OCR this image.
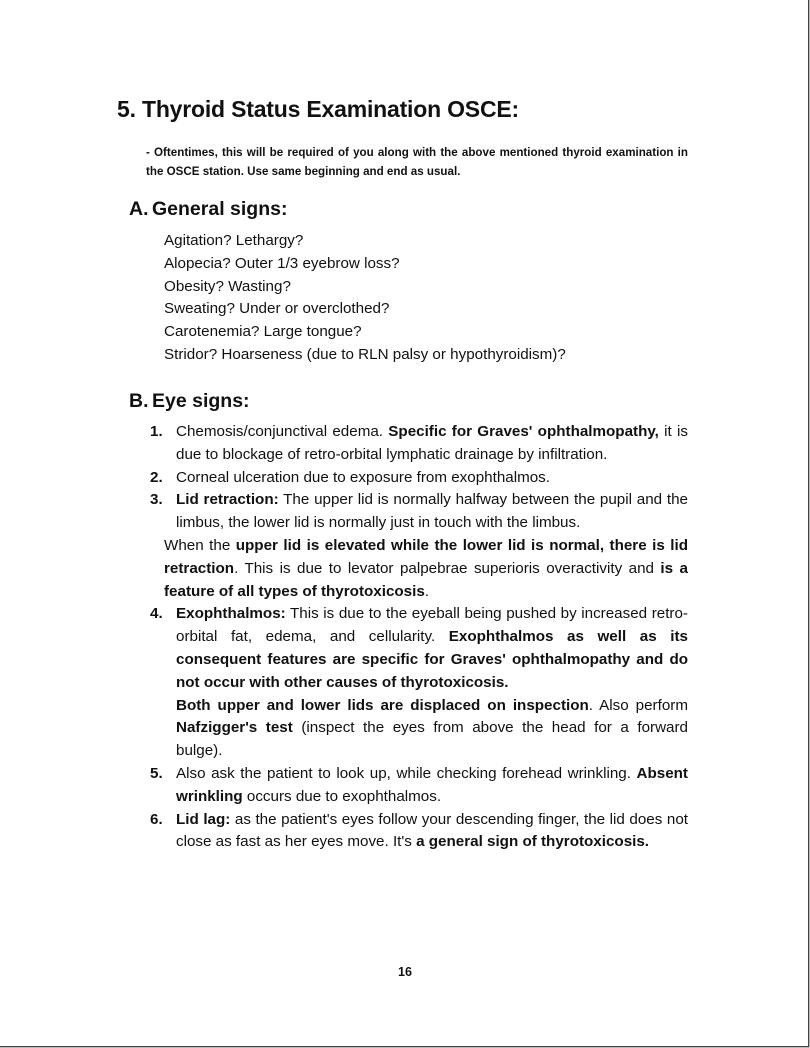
5. Thyroid Status Examination OSCE:
- Oftentimes, this will be required of you along with the above mentioned thyroid examination in the OSCE station. Use same beginning and end as usual.
A. General signs:
Agitation? Lethargy?
Alopecia? Outer 1/3 eyebrow loss?
Obesity? Wasting?
Sweating? Under or overclothed?
Carotenemia? Large tongue?
Stridor? Hoarseness (due to RLN palsy or hypothyroidism)?
B. Eye signs:
1. Chemosis/conjunctival edema. Specific for Graves' ophthalmopathy, it is due to blockage of retro-orbital lymphatic drainage by infiltration.

2. Corneal ulceration due to exposure from exophthalmos.

3. Lid retraction: The upper lid is normally halfway between the pupil and the limbus, the lower lid is normally just in touch with the limbus.

When the upper lid is elevated while the lower lid is normal, there is lid retraction. This is due to levator palpebrae superioris overactivity and is a feature of all types of thyrotoxicosis.
4. Exophthalmos: This is due to the eyeball being pushed by increased retro-orbital fat, edema, and cellularity. Exophthalmos as well as its consequent features are specific for Graves' ophthalmopathy and do not occur with other causes of thyrotoxicosis.

Both upper and lower lids are displaced on inspection. Also perform Nafzigger's test (inspect the eyes from above the head for a forward bulge).

5. Also ask the patient to look up, while checking forehead wrinkling. Absent wrinkling occurs due to exophthalmos.

6. Lid lag: as the patient's eyes follow your descending finger, the lid does not close as fast as her eyes move. It's a general sign of thyrotoxicosis.

16
